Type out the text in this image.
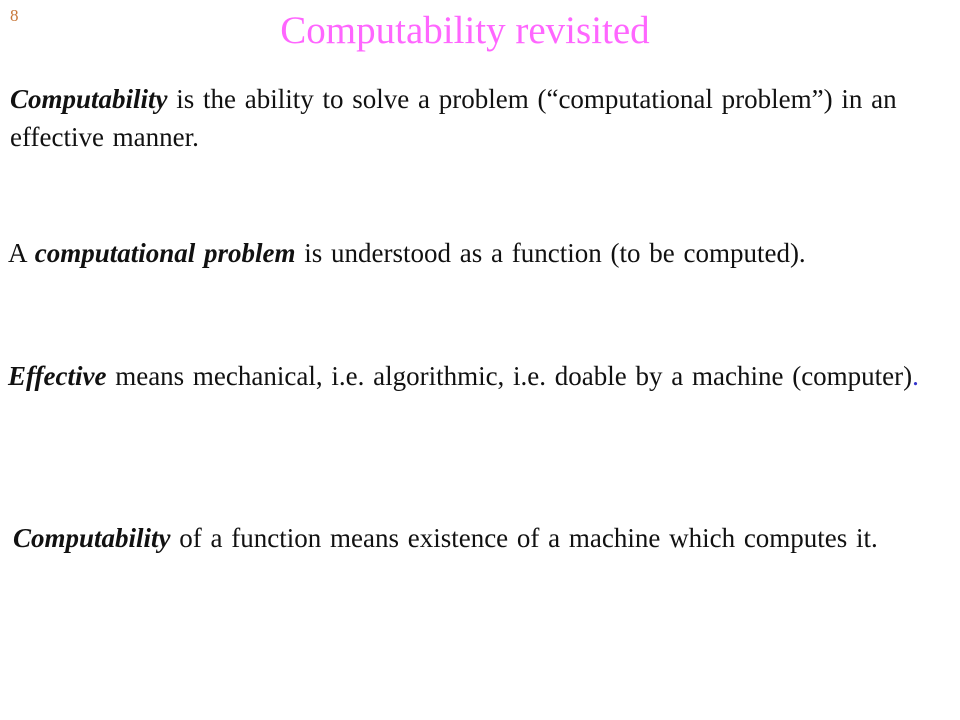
8	Computability revisited

Computability is the ability to solve a problem (“computational problem”) in an effective manner.

A computational problem is understood as a function (to be computed).

Effective means mechanical, i.e. algorithmic, i.e. doable by a machine (computer).

Computability of a function means existence of a machine which computes it.
